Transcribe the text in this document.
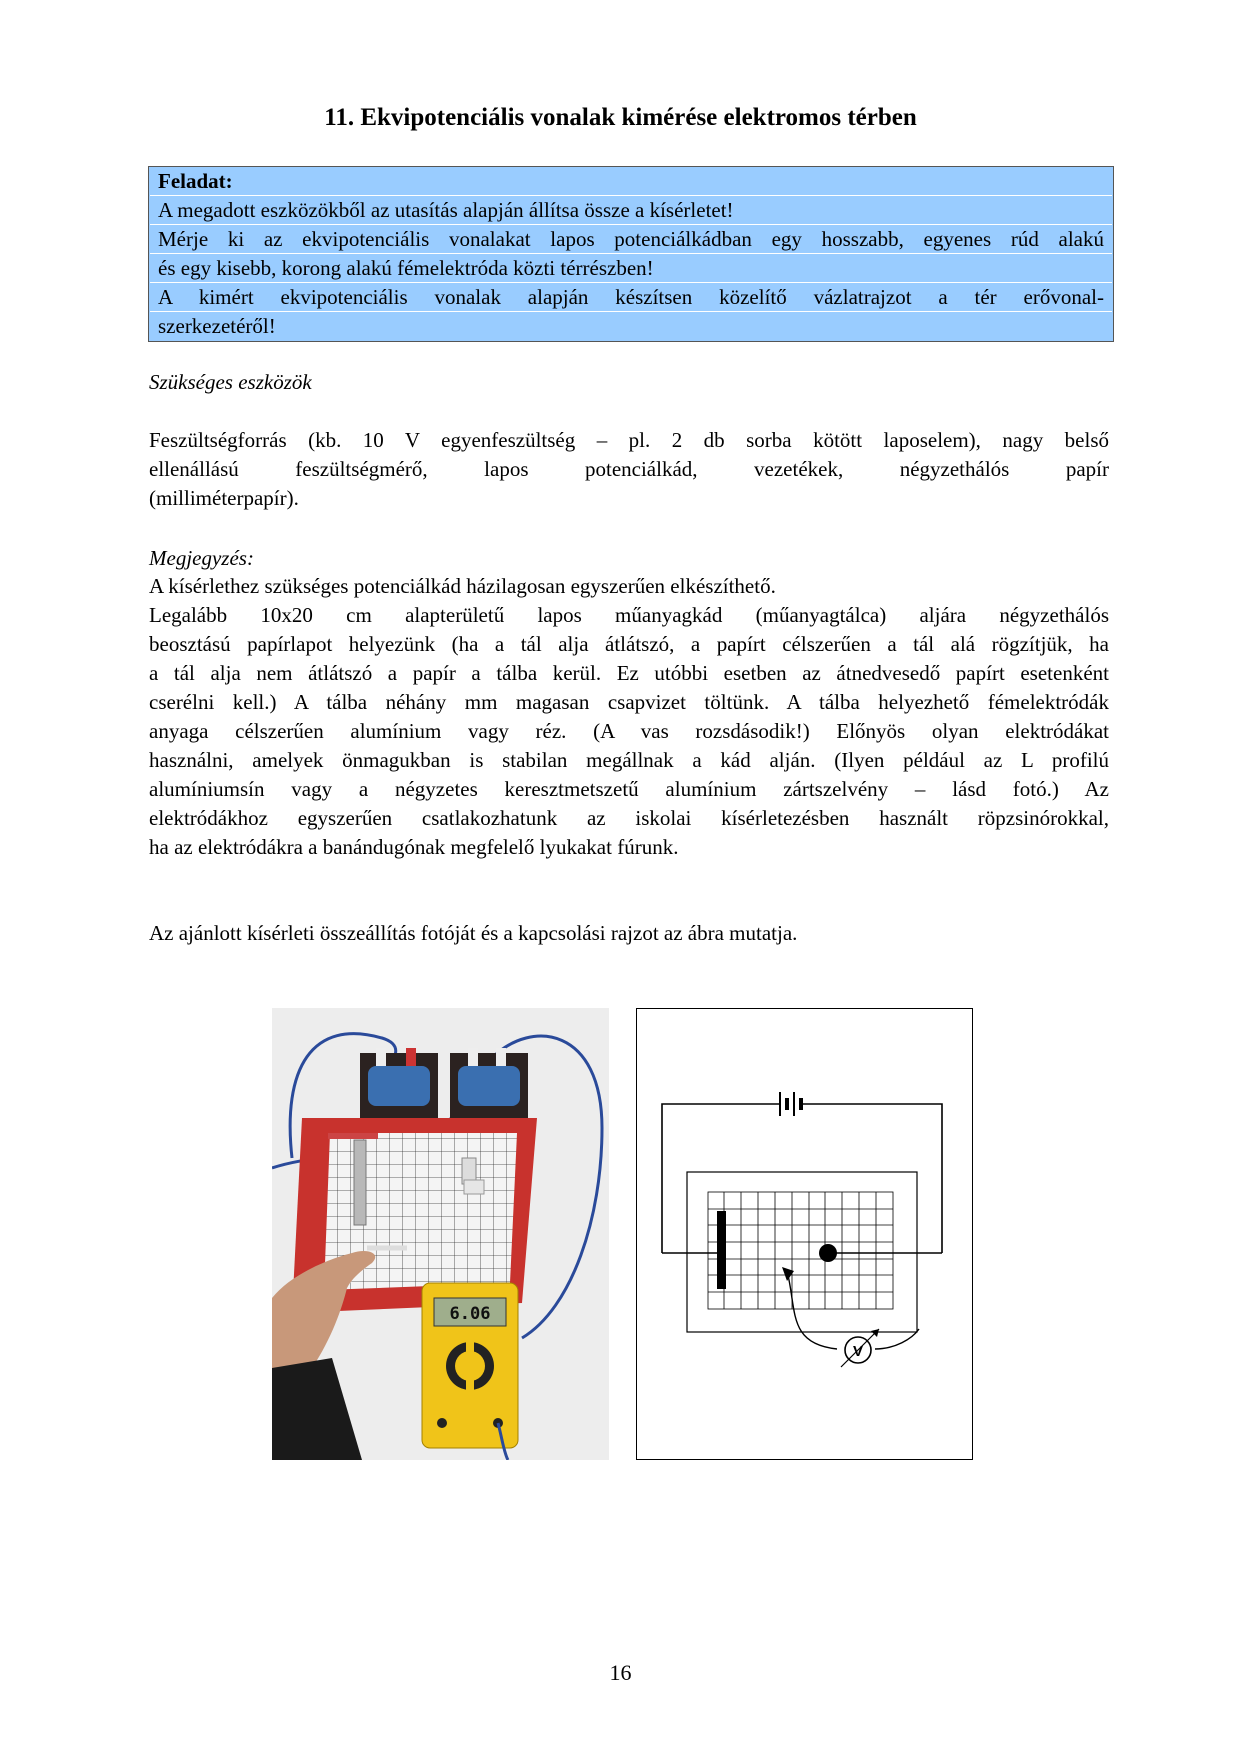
11. Ekvipotenciális vonalak kimérése elektromos térben
Feladat:
A megadott eszközökből az utasítás alapján állítsa össze a kísérletet!
Mérje ki az ekvipotenciális vonalakat lapos potenciálkádban egy hosszabb, egyenes rúd alakú
és egy kisebb, korong alakú fémelektróda közti térrészben!
A kimért ekvipotenciális vonalak alapján készítsen közelítő vázlatrajzot a tér erővonal-
szerkezetéről!
Szükséges eszközök
Feszültségforrás (kb. 10 V egyenfeszültség – pl. 2 db sorba kötött laposelem), nagy belső
ellenállású feszültségmérő, lapos potenciálkád, vezetékek, négyzethálós papír
(milliméterpapír).
Megjegyzés:
A kísérlethez szükséges potenciálkád házilagosan egyszerűen elkészíthető.
Legalább 10x20 cm alapterületű lapos műanyagkád (műanyagtálca) aljára négyzethálós
beosztású papírlapot helyezünk (ha a tál alja átlátszó, a papírt célszerűen a tál alá rögzítjük, ha
a tál alja nem átlátszó a papír a tálba kerül. Ez utóbbi esetben az átnedvesedő papírt esetenként
cserélni kell.) A tálba néhány mm magasan csapvizet töltünk. A tálba helyezhető fémelektródák
anyaga célszerűen alumínium vagy réz. (A vas rozsdásodik!) Előnyös olyan elektródákat
használni, amelyek önmagukban is stabilan megállnak a kád alján. (Ilyen például az L profilú
alumíniumsín vagy a négyzetes keresztmetszetű alumínium zártszelvény – lásd fotó.) Az
elektródákhoz egyszerűen csatlakozhatunk az iskolai kísérletezésben használt röpzsinórokkal,
ha az elektródákra a banándugónak megfelelő lyukakat fúrunk.
Az ajánlott kísérleti összeállítás fotóját és a kapcsolási rajzot az ábra mutatja.
6.06
V
16
